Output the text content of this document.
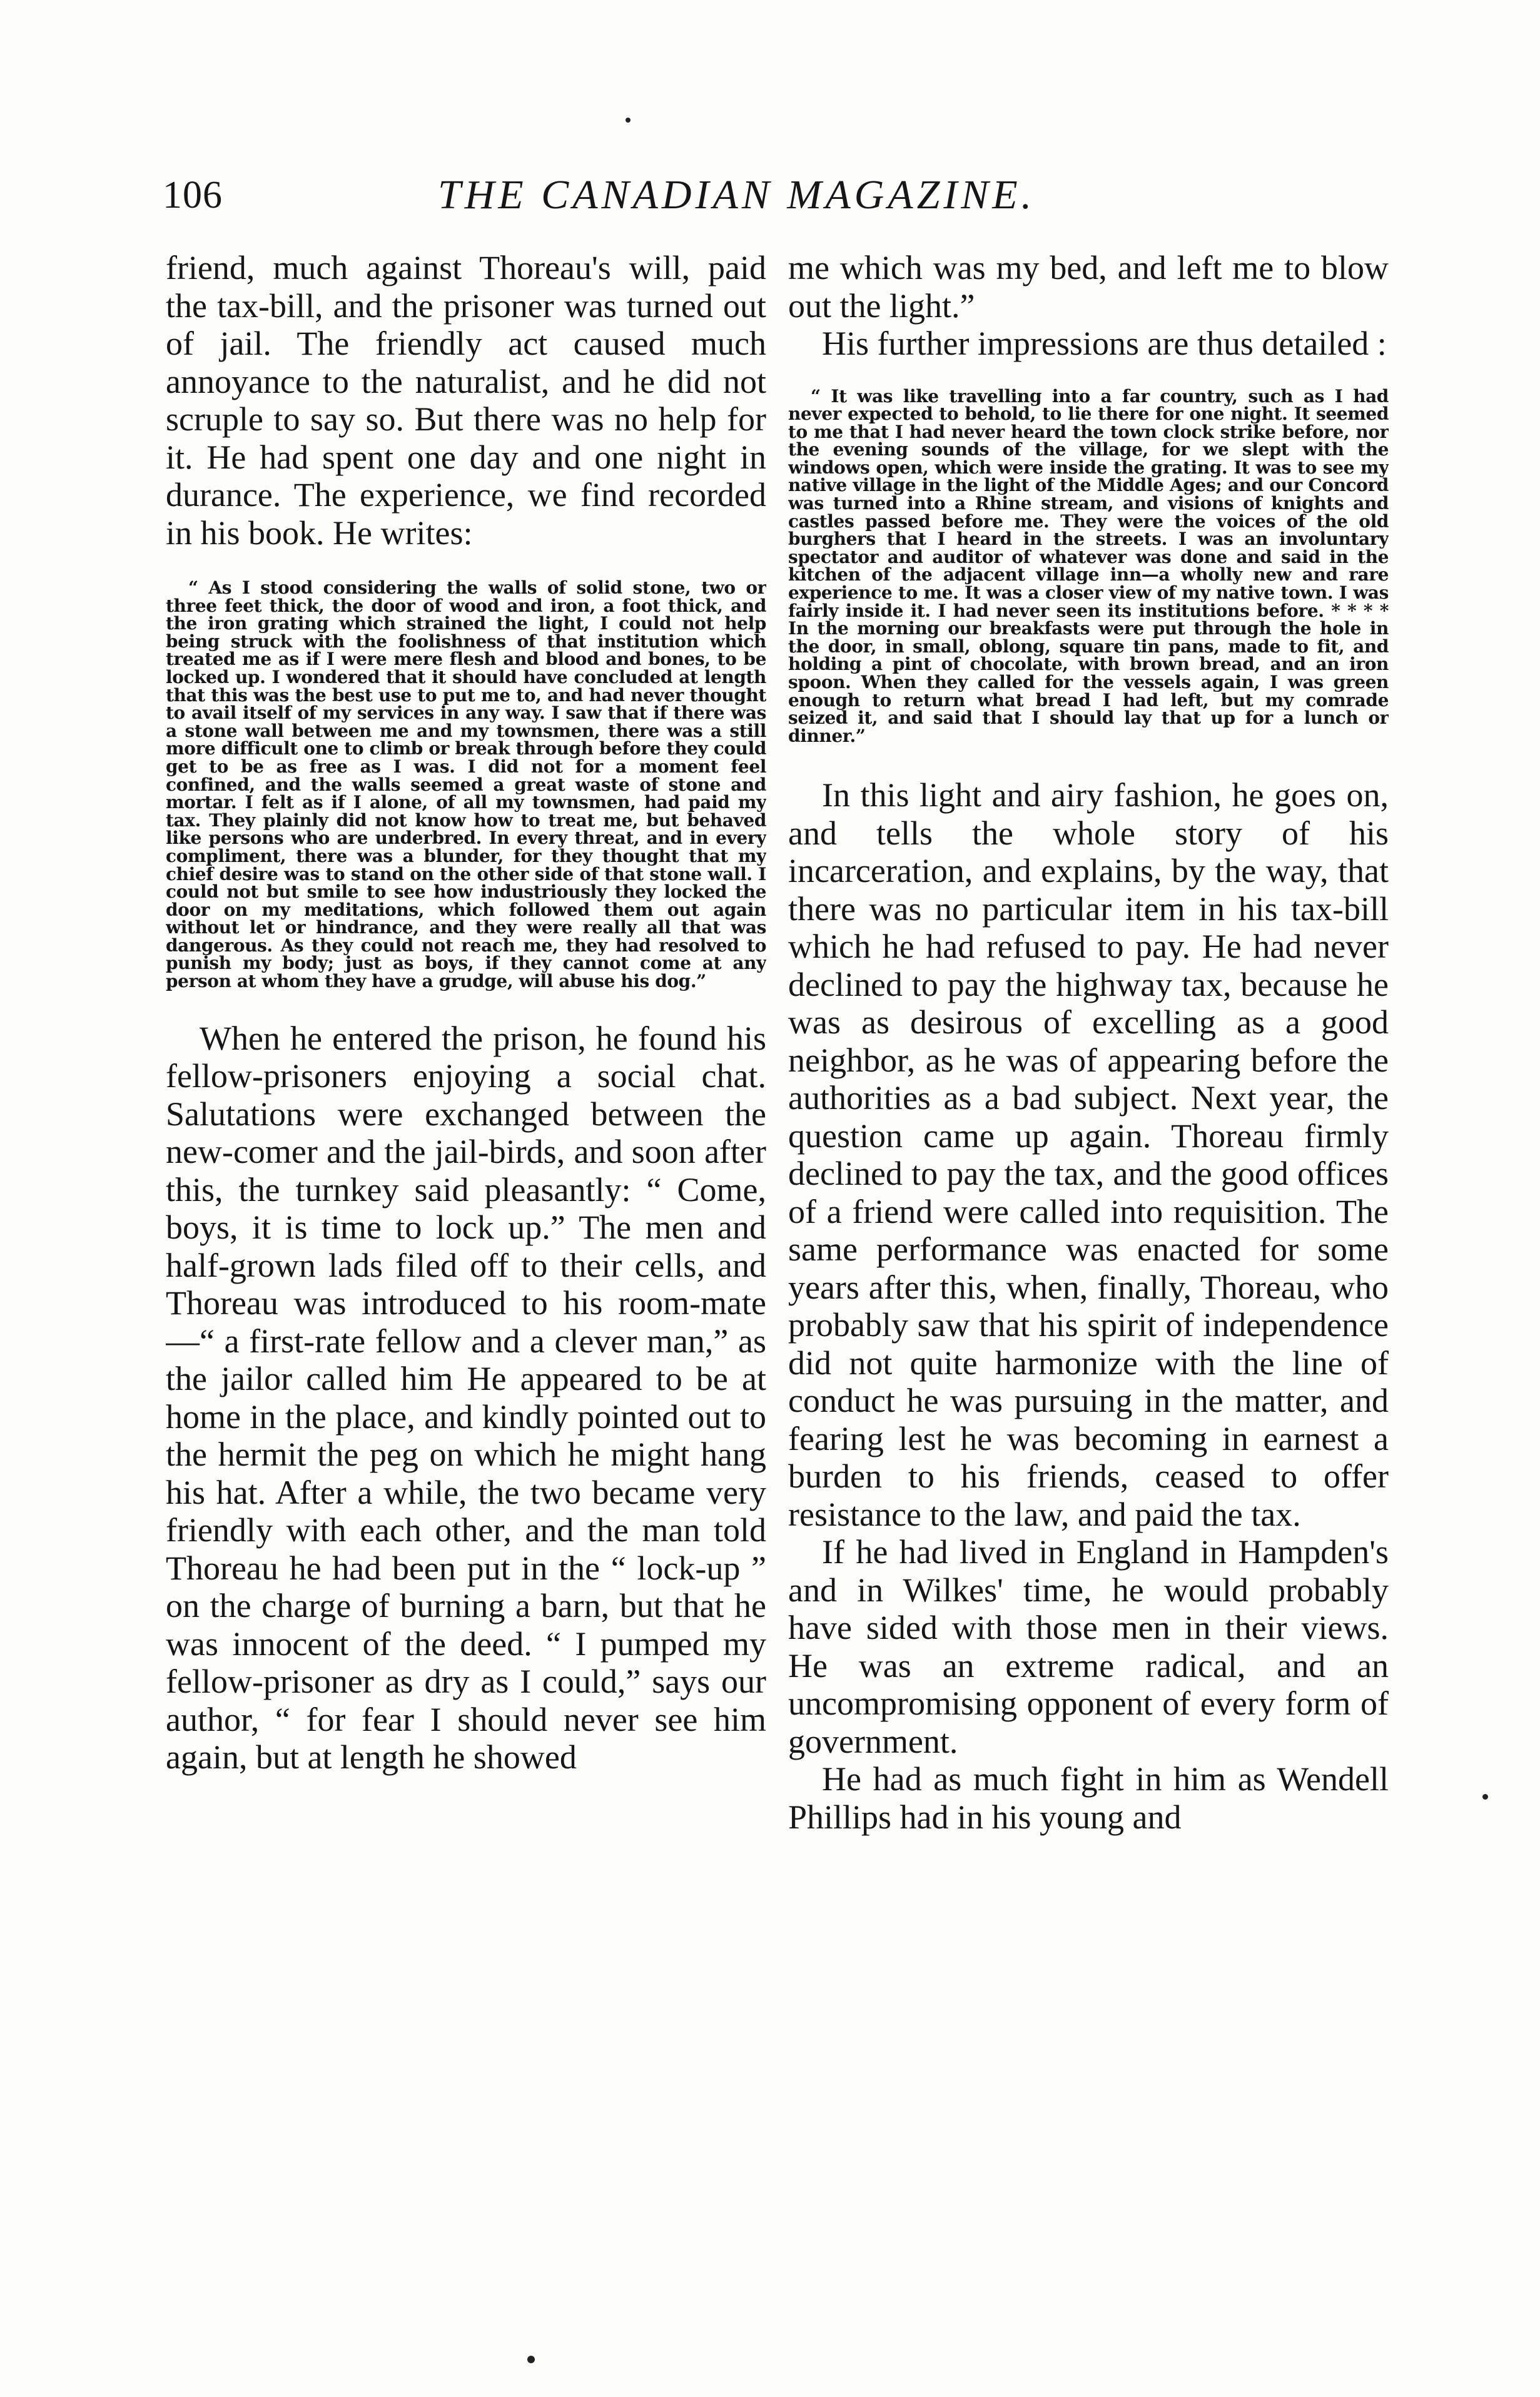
106	THE CANADIAN MAGAZINE.

friend, much against Thoreau's will, paid the tax-bill, and the prisoner was turned out of jail. The friendly act caused much annoyance to the naturalist, and he did not scruple to say so. But there was no help for it. He had spent one day and one night in durance. The experience, we find recorded in his book. He writes:

“ As I stood considering the walls of solid stone, two or three feet thick, the door of wood and iron, a foot thick, and the iron grating which strained the light, I could not help being struck with the foolishness of that institution which treated me as if I were mere flesh and blood and bones, to be locked up. I wondered that it should have concluded at length that this was the best use to put me to, and had never thought to avail itself of my services in any way. I saw that if there was a stone wall between me and my townsmen, there was a still more difficult one to climb or break through before they could get to be as free as I was. I did not for a moment feel confined, and the walls seemed a great waste of stone and mortar. I felt as if I alone, of all my townsmen, had paid my tax. They plainly did not know how to treat me, but behaved like persons who are underbred. In every threat, and in every compliment, there was a blunder, for they thought that my chief desire was to stand on the other side of that stone wall. I could not but smile to see how industriously they locked the door on my meditations, which followed them out again without let or hindrance, and they were really all that was dangerous. As they could not reach me, they had resolved to punish my body; just as boys, if they cannot come at any person at whom they have a grudge, will abuse his dog.”

When he entered the prison, he found his fellow-prisoners enjoying a social chat. Salutations were exchanged between the new-comer and the jail-birds, and soon after this, the turnkey said pleasantly: “ Come, boys, it is time to lock up.” The men and half-grown lads filed off to their cells, and Thoreau was introduced to his room-mate—“ a first-rate fellow and a clever man,” as the jailor called him He appeared to be at home in the place, and kindly pointed out to the hermit the peg on which he might hang his hat. After a while, the two became very friendly with each other, and the man told Thoreau he had been put in the “ lock-up ” on the charge of burning a barn, but that he was innocent of the deed. “ I pumped my fellow-prisoner as dry as I could,” says our author, “ for fear I should never see him again, but at length he showed

me which was my bed, and left me to blow out the light.”

His further impressions are thus detailed :

“ It was like travelling into a far country, such as I had never expected to behold, to lie there for one night. It seemed to me that I had never heard the town clock strike before, nor the evening sounds of the village, for we slept with the windows open, which were inside the grating. It was to see my native village in the light of the Middle Ages; and our Concord was turned into a Rhine stream, and visions of knights and castles passed before me. They were the voices of the old burghers that I heard in the streets. I was an involuntary spectator and auditor of whatever was done and said in the kitchen of the adjacent village inn—a wholly new and rare experience to me. It was a closer view of my native town. I was fairly inside it. I had never seen its institutions before. * * * * In the morning our breakfasts were put through the hole in the door, in small, oblong, square tin pans, made to fit, and holding a pint of chocolate, with brown bread, and an iron spoon. When they called for the vessels again, I was green enough to return what bread I had left, but my comrade seized it, and said that I should lay that up for a lunch or dinner.”

In this light and airy fashion, he goes on, and tells the whole story of his incarceration, and explains, by the way, that there was no particular item in his tax-bill which he had refused to pay. He had never declined to pay the highway tax, because he was as desirous of excelling as a good neighbor, as he was of appearing before the authorities as a bad subject. Next year, the question came up again. Thoreau firmly declined to pay the tax, and the good offices of a friend were called into requisition. The same performance was enacted for some years after this, when, finally, Thoreau, who probably saw that his spirit of independence did not quite harmonize with the line of conduct he was pursuing in the matter, and fearing lest he was becoming in earnest a burden to his friends, ceased to offer resistance to the law, and paid the tax.

If he had lived in England in Hampden's and in Wilkes' time, he would probably have sided with those men in their views. He was an extreme radical, and an uncompromising opponent of every form of government.

He had as much fight in him as Wendell Phillips had in his young and
